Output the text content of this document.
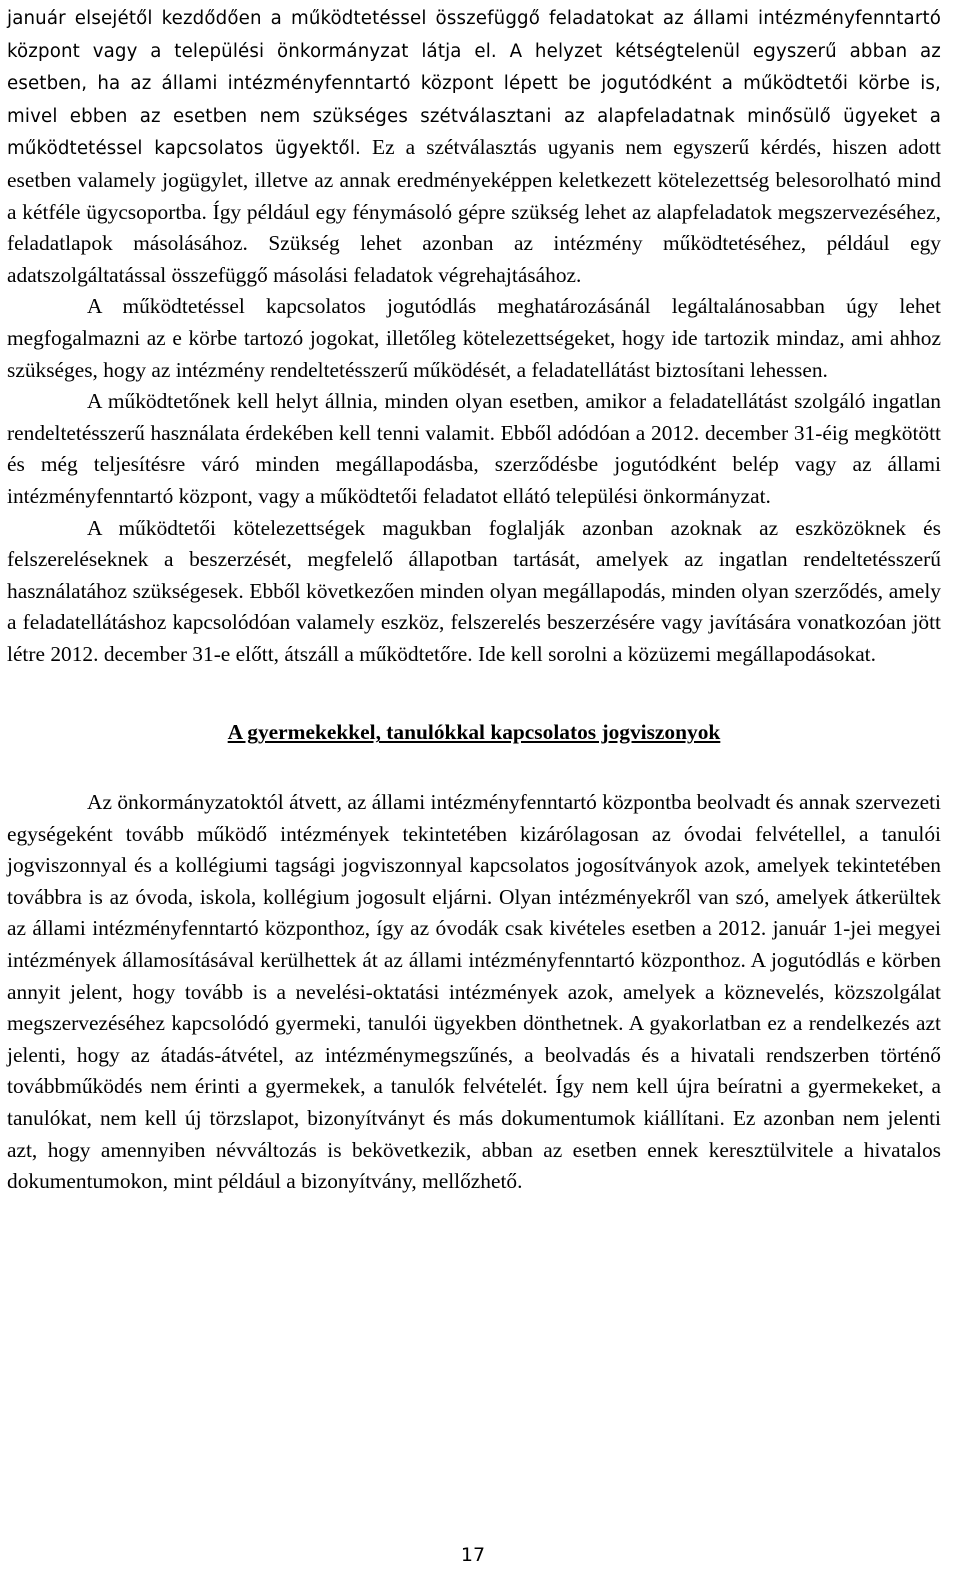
január elsejétől kezdődően a működtetéssel összefüggő feladatokat az állami intézményfenntartó központ vagy a települési önkormányzat látja el. A helyzet kétségtelenül egyszerű abban az esetben, ha az állami intézményfenntartó központ lépett be jogutódként a működtetői körbe is, mivel ebben az esetben nem szükséges szétválasztani az alapfeladatnak minősülő ügyeket a működtetéssel kapcsolatos ügyektől. Ez a szétválasztás ugyanis nem egyszerű kérdés, hiszen adott esetben valamely jogügylet, illetve az annak eredményeképpen keletkezett kötelezettség belesorolható mind a kétféle ügycsoportba. Így például egy fénymásoló gépre szükség lehet az alapfeladatok megszervezéséhez, feladatlapok másolásához. Szükség lehet azonban az intézmény működtetéséhez, például egy adatszolgáltatással összefüggő másolási feladatok végrehajtásához.

A működtetéssel kapcsolatos jogutódlás meghatározásánál legáltalánosabban úgy lehet megfogalmazni az e körbe tartozó jogokat, illetőleg kötelezettségeket, hogy ide tartozik mindaz, ami ahhoz szükséges, hogy az intézmény rendeltetésszerű működését, a feladatellátást biztosítani lehessen.

A működtetőnek kell helyt állnia, minden olyan esetben, amikor a feladatellátást szolgáló ingatlan rendeltetésszerű használata érdekében kell tenni valamit. Ebből adódóan a 2012. december 31-éig megkötött és még teljesítésre váró minden megállapodásba, szerződésbe jogutódként belép vagy az állami intézményfenntartó központ, vagy a működtetői feladatot ellátó települési önkormányzat.

A működtetői kötelezettségek magukban foglalják azonban azoknak az eszközöknek és felszereléseknek a beszerzését, megfelelő állapotban tartását, amelyek az ingatlan rendeltetésszerű használatához szükségesek. Ebből következően minden olyan megállapodás, minden olyan szerződés, amely a feladatellátáshoz kapcsolódóan valamely eszköz, felszerelés beszerzésére vagy javítására vonatkozóan jött létre 2012. december 31-e előtt, átszáll a működtetőre. Ide kell sorolni a közüzemi megállapodásokat.

A gyermekekkel, tanulókkal kapcsolatos jogviszonyok

Az önkormányzatoktól átvett, az állami intézményfenntartó központba beolvadt és annak szervezeti egységeként tovább működő intézmények tekintetében kizárólagosan az óvodai felvétellel, a tanulói jogviszonnyal és a kollégiumi tagsági jogviszonnyal kapcsolatos jogosítványok azok, amelyek tekintetében továbbra is az óvoda, iskola, kollégium jogosult eljárni. Olyan intézményekről van szó, amelyek átkerültek az állami intézményfenntartó központhoz, így az óvodák csak kivételes esetben a 2012. január 1-jei megyei intézmények államosításával kerülhettek át az állami intézményfenntartó központhoz. A jogutódlás e körben annyit jelent, hogy tovább is a nevelési-oktatási intézmények azok, amelyek a köznevelés, közszolgálat megszervezéséhez kapcsolódó gyermeki, tanulói ügyekben dönthetnek. A gyakorlatban ez a rendelkezés azt jelenti, hogy az átadás-átvétel, az intézménymegszűnés, a beolvadás és a hivatali rendszerben történő továbbműködés nem érinti a gyermekek, a tanulók felvételét. Így nem kell újra beíratni a gyermekeket, a tanulókat, nem kell új törzslapot, bizonyítványt és más dokumentumok kiállítani. Ez azonban nem jelenti azt, hogy amennyiben névváltozás is bekövetkezik, abban az esetben ennek keresztülvitele a hivatalos dokumentumokon, mint például a bizonyítvány, mellőzhető.

17
